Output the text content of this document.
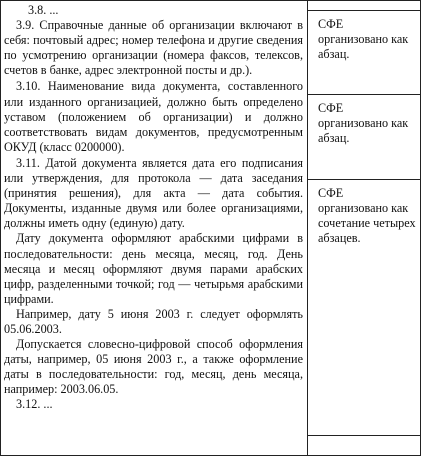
3.8. ...

3.9. Справочные данные об организации включают в себя: почтовый адрес; номер телефона и другие сведения по усмотрению организации (номера факсов, телексов, счетов в банке, адрес электронной посты и др.).

3.10. Наименование вида документа, составленного или изданного организацией, должно быть определено уставом (положением об организации) и должно соответствовать видам документов, предусмотренным ОКУД (класс 0200000).

3.11. Датой документа является дата его подписания или утверждения, для протокола — дата заседания (принятия решения), для акта — дата события. Документы, изданные двумя или более организациями, должны иметь одну (единую) дату.

Дату документа оформляют арабскими цифрами в последовательности: день месяца, месяц, год. День месяца и месяц оформляют двумя парами арабских цифр, разделенными точкой; год — четырьмя арабскими цифрами.

Например, дату 5 июня 2003 г. следует оформлять 05.06.2003.

Допускается словесно-цифровой способ оформления даты, например, 05 июня 2003 г., а также оформление даты в последовательности: год, месяц, день месяца, например: 2003.06.05.

3.12. ...

СФЕ организовано как абзац.

СФЕ организовано как абзац.

СФЕ организовано как сочетание четырех абзацев.
